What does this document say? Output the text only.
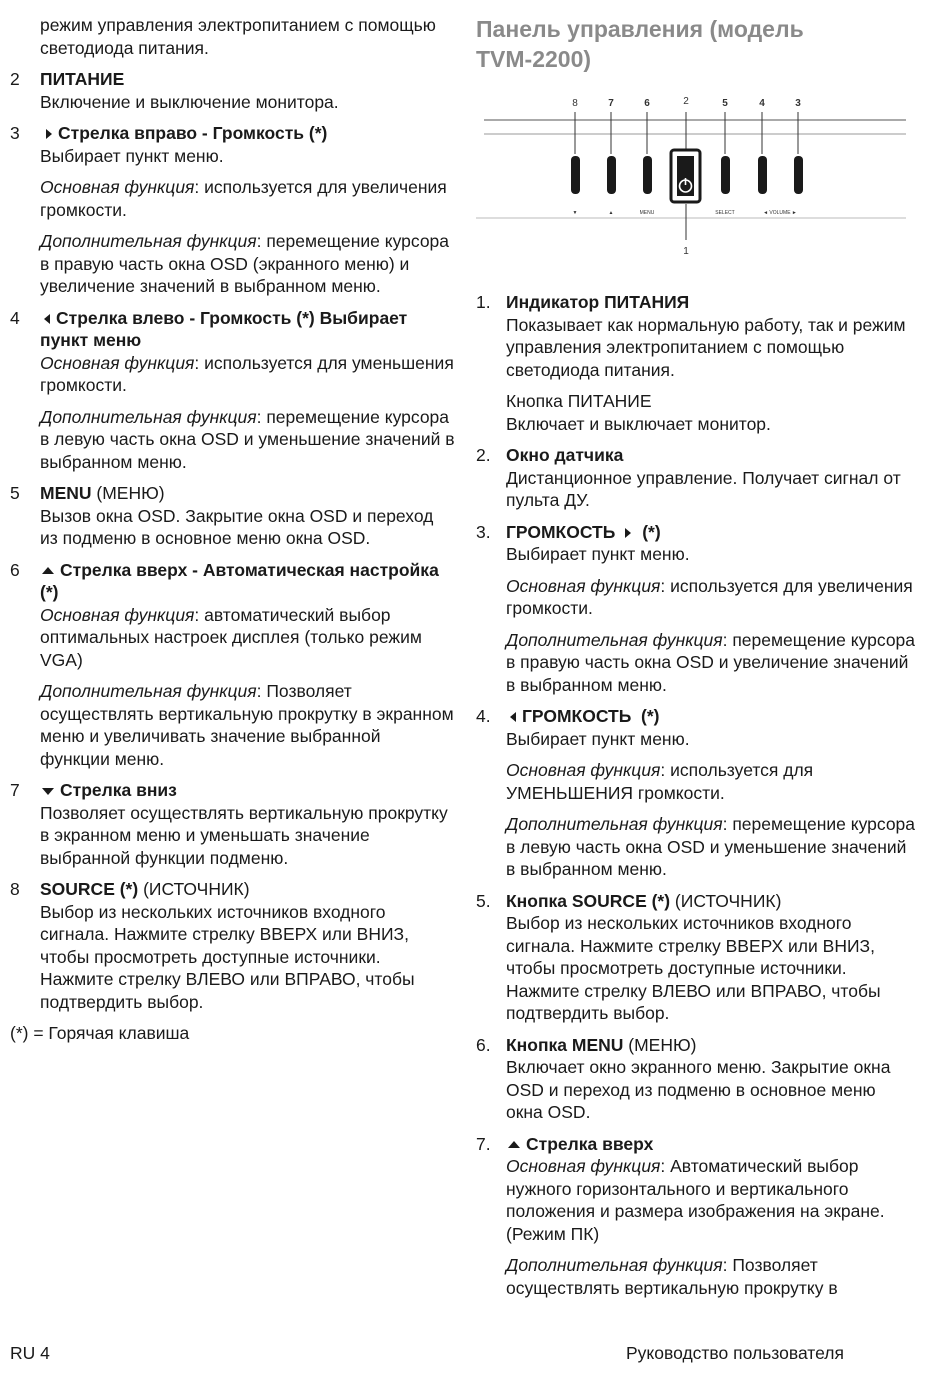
режим управления электропитанием с помощью светодиода питания.
2	ПИТАНИЕ

Включение и выключение монитора.

3	Стрелка вправо - Громкость (*)

Выбирает пункт меню.

Основная функция: используется для увеличения громкости.

Дополнительная функция: перемещение курсора в правую часть окна OSD (экранного меню) и увеличение значений в выбранном меню.

4	Стрелка влево - Громкость (*) Выбирает пункт меню

Основная функция: используется для уменьшения громкости.

Дополнительная функция: перемещение курсора в левую часть окна OSD и уменьшение значений в выбранном меню.

5	MENU (МЕНЮ)

Вызов окна OSD. Закрытие окна OSD и переход из подменю в основное меню окна OSD.

6	Стрелка вверх - Автоматическая настройка (*)

Основная функция: автоматический выбор оптимальных настроек дисплея (только режим VGA)

Дополнительная функция: Позволяет осуществлять вертикальную прокрутку в экранном меню и увеличивать значение выбранной функции меню.

7	Стрелка вниз

Позволяет осуществлять вертикальную прокрутку в экранном меню и уменьшать значение выбранной функции подменю.

8	SOURCE (*) (ИСТОЧНИК)

Выбор из нескольких источников входного сигнала. Нажмите стрелку ВВЕРХ или ВНИЗ, чтобы просмотреть доступные источники. Нажмите стрелку ВЛЕВО или ВПРАВО, чтобы подтвердить выбор.

(*) = Горячая клавиша
Панель управления (модель TVM-2200)
8	7	6	2	5	4	3
1
▼	▲	MENU	SELECT	◄ VOLUME ►
1. Индикатор ПИТАНИЯ

Показывает как нормальную работу, так и режим управления электропитанием с помощью светодиода питания.

Кнопка ПИТАНИЕ
Включает и выключает монитор.

2. Окно датчика

Дистанционное управление. Получает сигнал от пульта ДУ.

3. ГРОМКОСТЬ (*)

Выбирает пункт меню.

Основная функция: используется для увеличения громкости.

Дополнительная функция: перемещение курсора в правую часть окна OSD и увеличение значений в выбранном меню.

4.	ГРОМКОСТЬ  (*)

Выбирает пункт меню.

Основная функция: используется для УМЕНЬШЕНИЯ громкости.

Дополнительная функция: перемещение курсора в левую часть окна OSD и уменьшение значений в выбранном меню.

5. Кнопка SOURCE (*) (ИСТОЧНИК)

Выбор из нескольких источников входного сигнала. Нажмите стрелку ВВЕРХ или ВНИЗ, чтобы просмотреть доступные источники. Нажмите стрелку ВЛЕВО или ВПРАВО, чтобы подтвердить выбор.

6. Кнопка MENU (МЕНЮ)

Включает окно экранного меню. Закрытие окна OSD и переход из подменю в основное меню окна OSD.

7.	Стрелка вверх

Основная функция: Автоматический выбор нужного горизонтального и вертикального положения и размера изображения на экране. (Режим ПК)

Дополнительная функция: Позволяет осуществлять вертикальную прокрутку в

RU 4	Руководство пользователя
